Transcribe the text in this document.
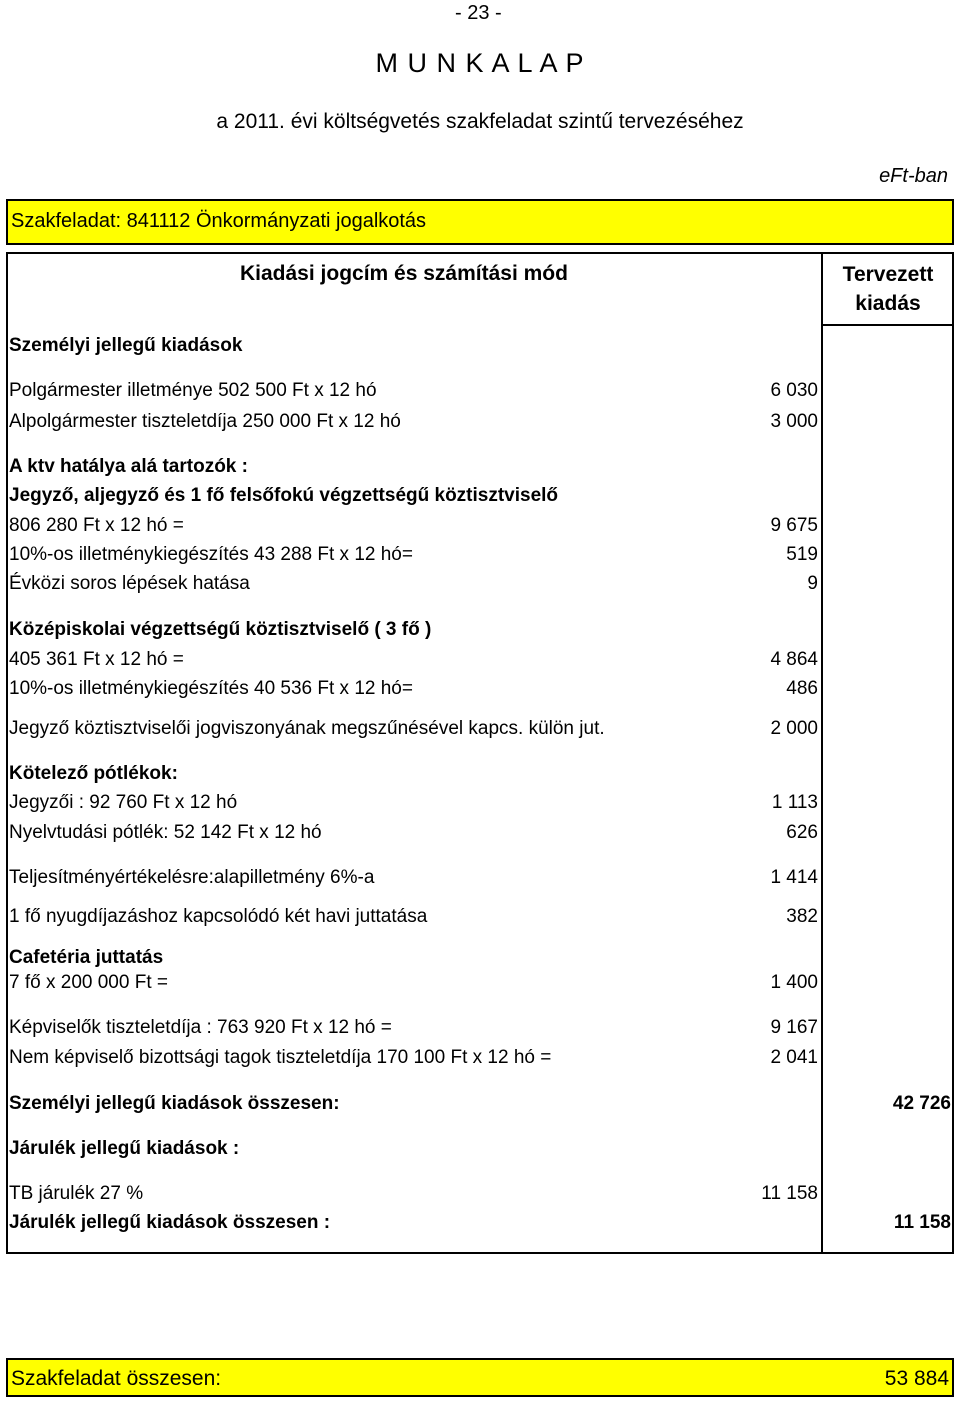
- 23 -
M U N K A L A P
a 2011. évi költségvetés szakfeladat szintű tervezéséhez
eFt-ban
Szakfeladat: 841112 Önkormányzati jogalkotás
Kiadási jogcím és számítási mód	Tervezett
kiadás
Személyi jellegű kiadások
Polgármester illetménye 502 500 Ft x 12 hó	6 030
Alpolgármester tiszteletdíja 250 000 Ft x 12 hó	3 000
A ktv hatálya alá tartozók :
Jegyző, aljegyző és 1 fő felsőfokú végzettségű köztisztviselő
806 280 Ft x 12 hó =	9 675
10%-os illetménykiegészítés 43 288 Ft x 12 hó=	519
Évközi soros lépések hatása	9
Középiskolai végzettségű köztisztviselő ( 3 fő )
405 361 Ft x 12 hó =	4 864
10%-os illetménykiegészítés 40 536 Ft x 12 hó=	486
Jegyző köztisztviselői jogviszonyának megszűnésével kapcs. külön jut.	2 000
Kötelező pótlékok:
Jegyzői : 92 760 Ft x 12 hó	1 113
Nyelvtudási pótlék: 52 142 Ft x 12 hó	626
Teljesítményértékelésre:alapilletmény 6%-a	1 414
1 fő nyugdíjazáshoz kapcsolódó két havi juttatása	382
Cafetéria juttatás
7 fő x 200 000 Ft =	1 400
Képviselők tiszteletdíja : 763 920 Ft x 12 hó =	9 167
Nem képviselő bizottsági tagok tiszteletdíja 170 100 Ft x 12 hó =	2 041
Személyi jellegű kiadások összesen:	42 726
Járulék jellegű kiadások :
TB járulék 27 %	11 158
Járulék jellegű kiadások összesen :	11 158
Szakfeladat összesen:	53 884
